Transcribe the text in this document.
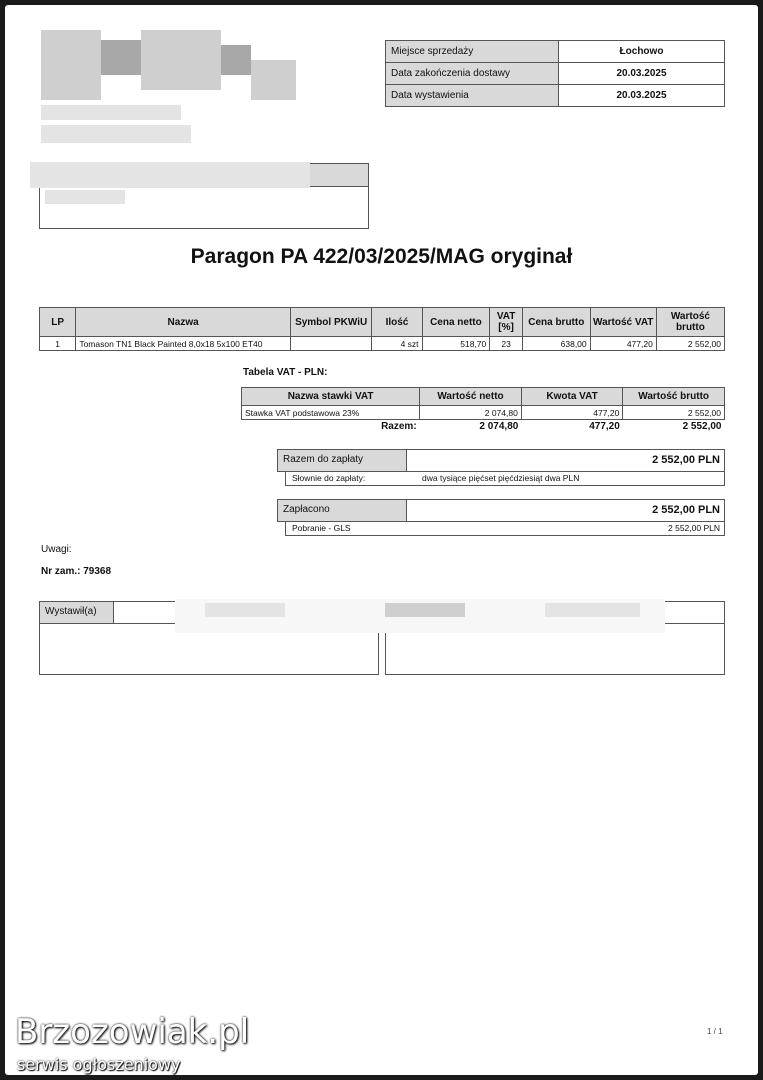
Miejsce sprzedaży	Łochowo
Data zakończenia dostawy	20.03.2025
Data wystawienia	20.03.2025
Paragon PA 422/03/2025/MAG oryginał
LP	Nazwa	Symbol PKWiU	Ilość	Cena netto	VAT [%]	Cena brutto	Wartość VAT	Wartość brutto
1	Tomason TN1 Black Painted 8,0x18 5x100 ET40		4 szt	518,70	23	638,00	477,20	2 552,00
Tabela VAT - PLN:
Nazwa stawki VAT	Wartość netto	Kwota VAT	Wartość brutto
Stawka VAT podstawowa 23%	2 074,80	477,20	2 552,00
Razem:	2 074,80	477,20	2 552,00
Razem do zapłaty	2 552,00 PLN
Słownie do zapłaty:	dwa tysiące pięćset pięćdziesiąt dwa PLN
Zapłacono	2 552,00 PLN
Pobranie - GLS	2 552,00 PLN
Uwagi:
Nr zam.: 79368
Wystawił(a)
1 / 1
Brzozowiak.pl
serwis ogłoszeniowy
